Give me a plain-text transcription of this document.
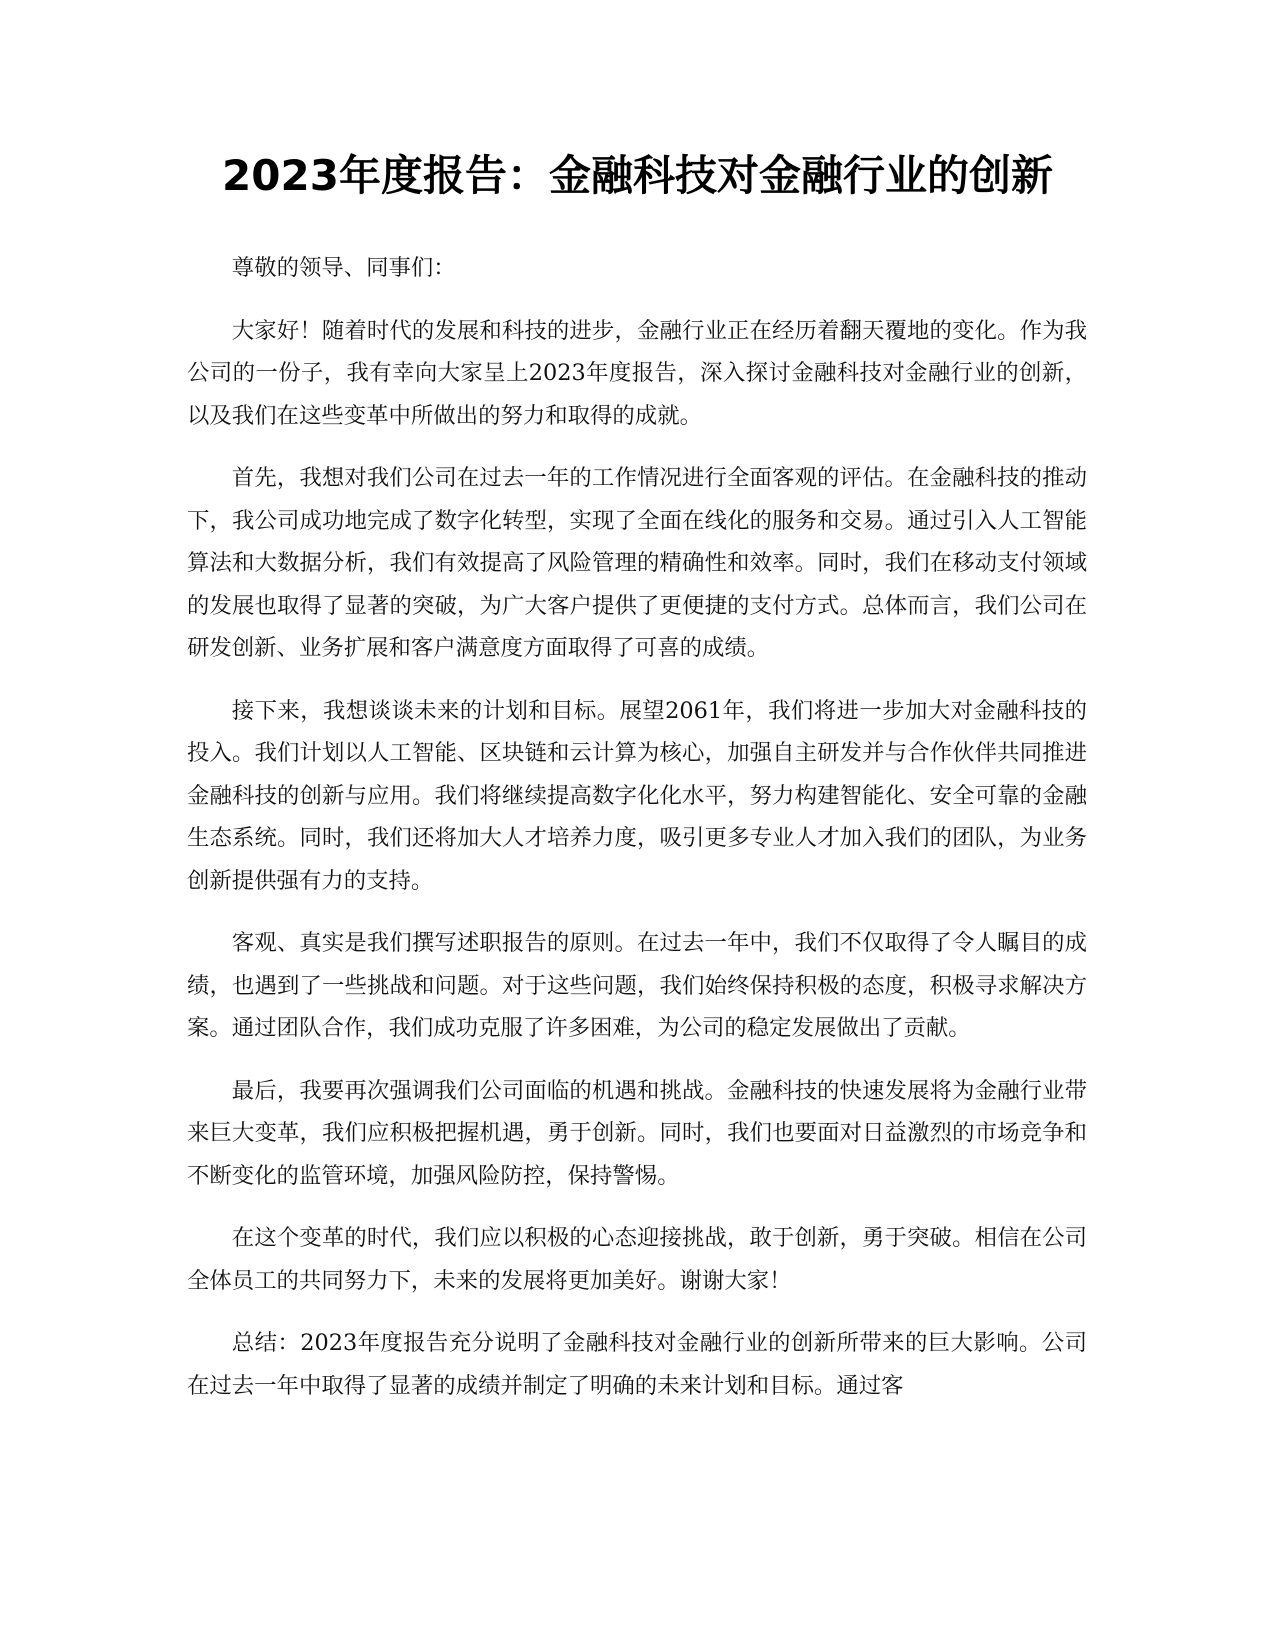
2023年度报告：金融科技对金融行业的创新

尊敬的领导、同事们：

大家好！随着时代的发展和科技的进步，金融行业正在经历着翻天覆地的变化。作为我公司的一份子，我有幸向大家呈上2023年度报告，深入探讨金融科技对金融行业的创新，以及我们在这些变革中所做出的努力和取得的成就。

首先，我想对我们公司在过去一年的工作情况进行全面客观的评估。在金融科技的推动下，我公司成功地完成了数字化转型，实现了全面在线化的服务和交易。通过引入人工智能算法和大数据分析，我们有效提高了风险管理的精确性和效率。同时，我们在移动支付领域的发展也取得了显著的突破，为广大客户提供了更便捷的支付方式。总体而言，我们公司在研发创新、业务扩展和客户满意度方面取得了可喜的成绩。

接下来，我想谈谈未来的计划和目标。展望2061年，我们将进一步加大对金融科技的投入。我们计划以人工智能、区块链和云计算为核心，加强自主研发并与合作伙伴共同推进金融科技的创新与应用。我们将继续提高数字化化水平，努力构建智能化、安全可靠的金融生态系统。同时，我们还将加大人才培养力度，吸引更多专业人才加入我们的团队，为业务创新提供强有力的支持。

客观、真实是我们撰写述职报告的原则。在过去一年中，我们不仅取得了令人瞩目的成绩，也遇到了一些挑战和问题。对于这些问题，我们始终保持积极的态度，积极寻求解决方案。通过团队合作，我们成功克服了许多困难，为公司的稳定发展做出了贡献。

最后，我要再次强调我们公司面临的机遇和挑战。金融科技的快速发展将为金融行业带来巨大变革，我们应积极把握机遇，勇于创新。同时，我们也要面对日益激烈的市场竞争和不断变化的监管环境，加强风险防控，保持警惕。

在这个变革的时代，我们应以积极的心态迎接挑战，敢于创新，勇于突破。相信在公司全体员工的共同努力下，未来的发展将更加美好。谢谢大家！

总结：2023年度报告充分说明了金融科技对金融行业的创新所带来的巨大影响。公司在过去一年中取得了显著的成绩并制定了明确的未来计划和目标。通过客
